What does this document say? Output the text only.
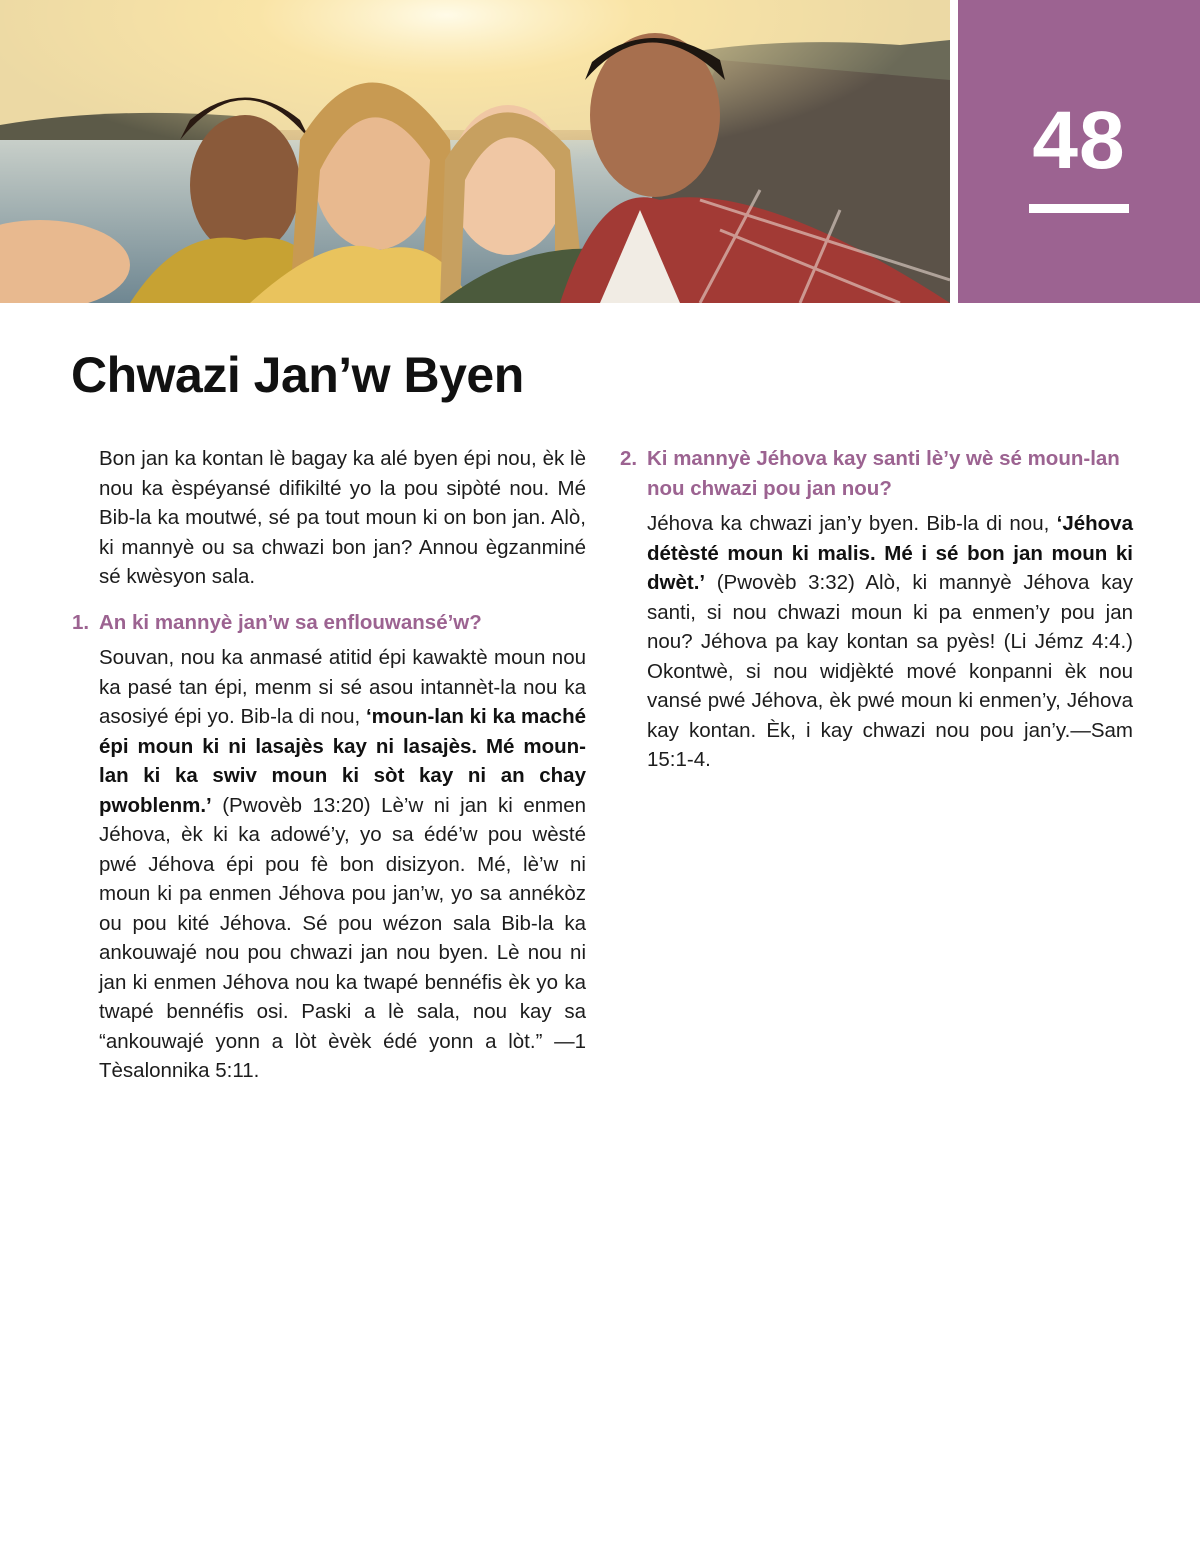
48
Chwazi Jan’w Byen

Bon jan ka kontan lè bagay ka alé byen épi nou, èk lè nou ka èspéyansé difikilté yo la pou sipòté nou. Mé Bib-la ka moutwé, sé pa tout moun ki on bon jan. Alò, ki mannyè ou sa chwazi bon jan? Annou ègzanminé sé kwèsyon sala.

1. An ki mannyè jan’w sa enflouwansé’w?

Souvan, nou ka anmasé atitid épi kawaktè moun nou ka pasé tan épi, menm si sé asou intannèt-la nou ka asosiyé épi yo. Bib-la di nou, ‘moun-lan ki ka maché épi moun ki ni lasajès kay ni lasajès. Mé moun-lan ki ka swiv moun ki sòt kay ni an chay pwoblenm.’ (Pwovèb 13:20) Lè’w ni jan ki enmen Jéhova, èk ki ka adowé’y, yo sa édé’w pou wèsté pwé Jéhova épi pou fè bon disizyon. Mé, lè’w ni moun ki pa enmen Jéhova pou jan’w, yo sa annékòz ou pou kité Jéhova. Sé pou wézon sala Bib-la ka ankouwajé nou pou chwazi jan nou byen. Lè nou ni jan ki enmen Jéhova nou ka twapé bennéfis èk yo ka twapé bennéfis osi. Paski a lè sala, nou kay sa “ankouwajé yonn a lòt èvèk édé yonn a lòt.” —1 Tèsalonnika 5:11.

2. Ki mannyè Jéhova kay santi lè’y wè sé moun-lan nou chwazi pou jan nou?

Jéhova ka chwazi jan’y byen. Bib-la di nou, ‘Jéhova détèsté moun ki malis. Mé i sé bon jan moun ki dwèt.’ (Pwovèb 3:32) Alò, ki mannyè Jéhova kay santi, si nou chwazi moun ki pa enmen’y pou jan nou? Jéhova pa kay kontan sa pyès! (Li Jémz 4:4.) Okontwè, si nou widjèkté mové konpanni èk nou vansé pwé Jéhova, èk pwé moun ki enmen’y, Jéhova kay kontan. Èk, i kay chwazi nou pou jan’y.—Sam 15:1-4.
